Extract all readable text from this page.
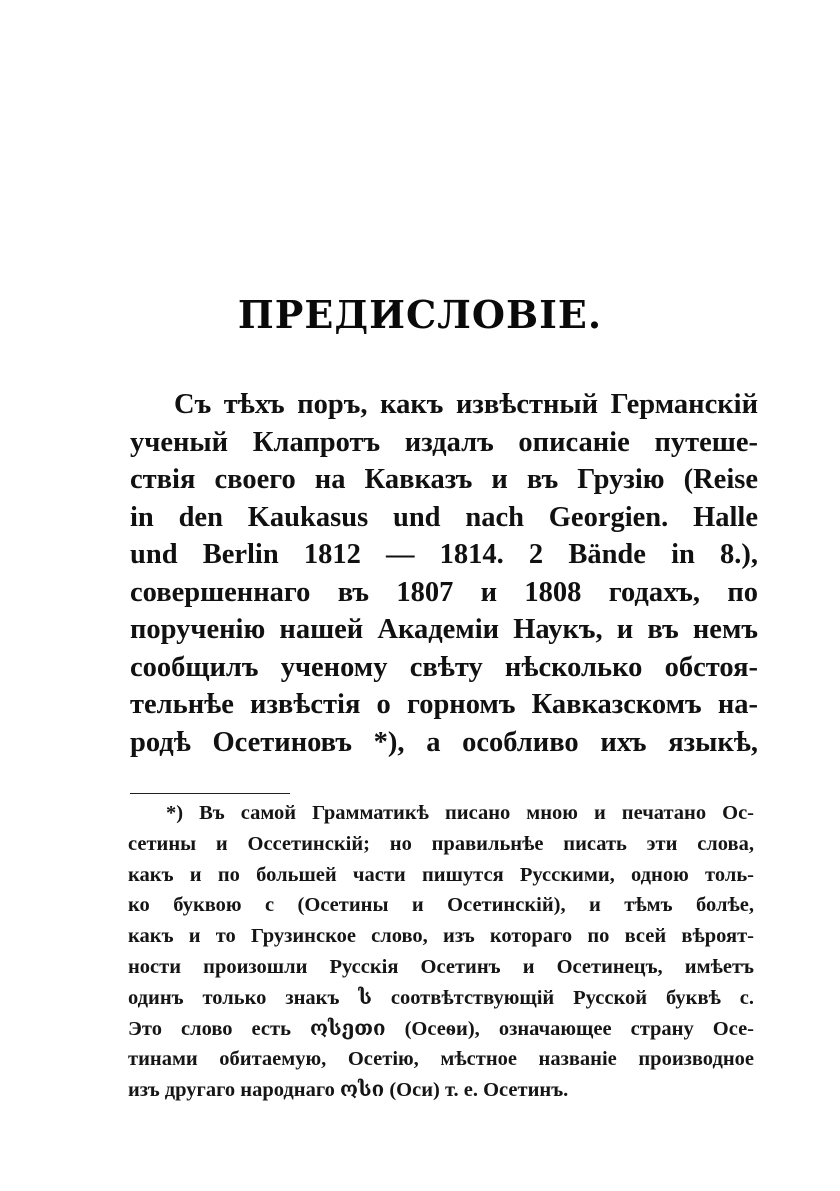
ПРЕДИСЛОВІЕ.
Съ тѣхъ поръ, какъ извѣстный Германскій
ученый Клапротъ издалъ описаніе путеше-
ствія своего на Кавказъ и въ Грузію (Reise
in den Kaukasus und nach Georgien. Halle
und Berlin 1812 — 1814. 2 Bände in 8.),
совершеннаго въ 1807 и 1808 годахъ, по
порученію нашей Академіи Наукъ, и въ немъ
сообщилъ ученому свѣту нѣсколько обстоя-
тельнѣе извѣстія о горномъ Кавказскомъ на-
родѣ Осетиновъ *), а особливо ихъ языкѣ,
*) Въ самой Грамматикѣ писано мною и печатано Ос-
сетины и Оссетинскій; но правильнѣе писать эти слова,
какъ и по большей части пишутся Русскими, одною толь-
ко буквою с (Осетины и Осетинскій), и тѣмъ болѣе,
какъ и то Грузинское слово, изъ котораго по всей вѣроят-
ности произошли Русскія Осетинъ и Осетинецъ, имѣетъ
одинъ только знакъ ს соотвѣтствующій Русской буквѣ с.
Это слово есть ოსეთი (Осеѳи), означающее страну Осе-
тинами обитаемую, Осетію, мѣстное названіе производное
изъ другаго народнаго ოსი (Оси) т. е. Осетинъ.
